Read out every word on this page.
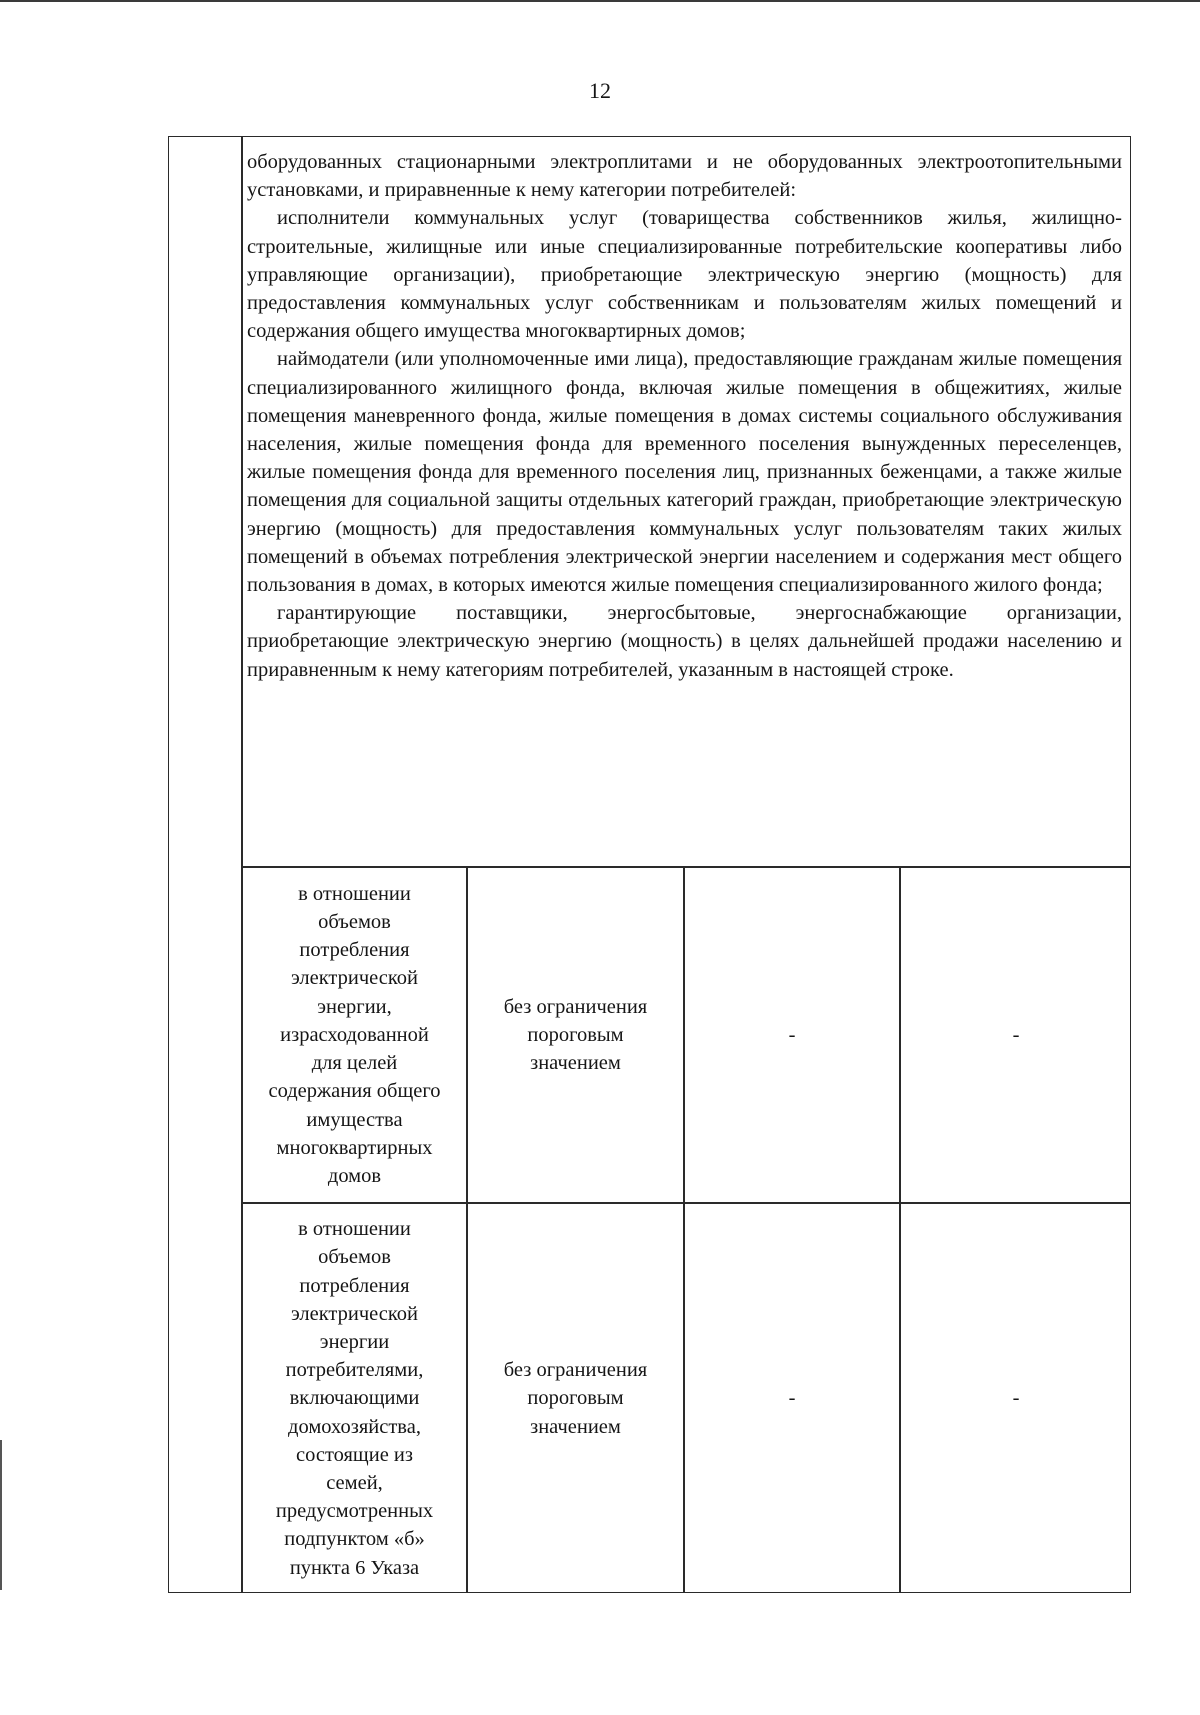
12

оборудованных стационарными электроплитами и не оборудованных электроотопительными установками, и приравненные к нему категории потребителей:

исполнители коммунальных услуг (товарищества собственников жилья, жилищно-строительные, жилищные или иные специализированные потребительские кооперативы либо управляющие организации), приобретающие электрическую энергию (мощность) для предоставления коммунальных услуг собственникам и пользователям жилых помещений и содержания общего имущества многоквартирных домов;

наймодатели (или уполномоченные ими лица), предоставляющие гражданам жилые помещения специализированного жилищного фонда, включая жилые помещения в общежитиях, жилые помещения маневренного фонда, жилые помещения в домах системы социального обслуживания населения, жилые помещения фонда для временного поселения вынужденных переселенцев, жилые помещения фонда для временного поселения лиц, признанных беженцами, а также жилые помещения для социальной защиты отдельных категорий граждан, приобретающие электрическую энергию (мощность) для предоставления коммунальных услуг пользователям таких жилых помещений в объемах потребления электрической энергии населением и содержания мест общего пользования в домах, в которых имеются жилые помещения специализированного жилого фонда;

гарантирующие поставщики, энергосбытовые, энергоснабжающие организации, приобретающие электрическую энергию (мощность) в целях дальнейшей продажи населению и приравненным к нему категориям потребителей, указанным в настоящей строке.

в отношении
объемов
потребления
электрической
энергии,
израсходованной
для целей
содержания общего
имущества
многоквартирных
домов
без ограничения
пороговым
значением
-	-
в отношении
объемов
потребления
электрической
энергии
потребителями,
включающими
домохозяйства,
состоящие из
семей,
предусмотренных
подпунктом «б»
пункта 6 Указа
без ограничения
пороговым
значением
-	-
